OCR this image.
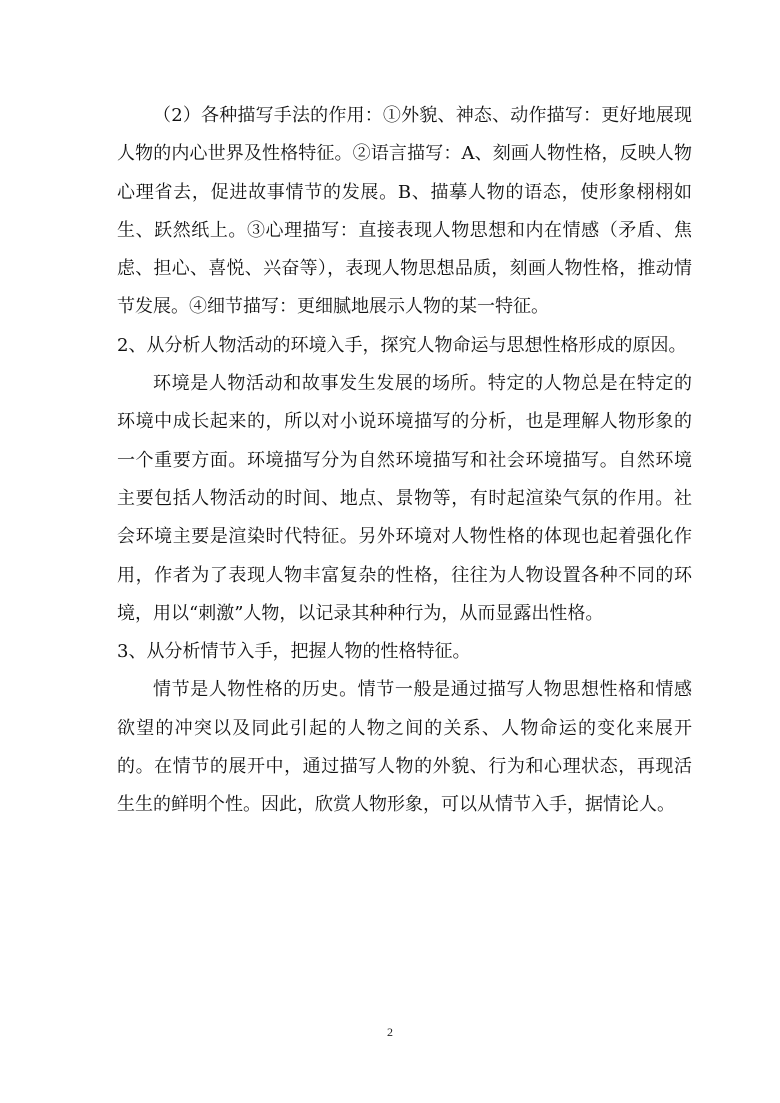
（2）各种描写手法的作用：①外貌、神态、动作描写：更好地展现人物的内心世界及性格特征。②语言描写：A、刻画人物性格，反映人物心理省去，促进故事情节的发展。B、描摹人物的语态，使形象栩栩如生、跃然纸上。③心理描写：直接表现人物思想和内在情感（矛盾、焦虑、担心、喜悦、兴奋等），表现人物思想品质，刻画人物性格，推动情节发展。④细节描写：更细腻地展示人物的某一特征。

2、从分析人物活动的环境入手，探究人物命运与思想性格形成的原因。

环境是人物活动和故事发生发展的场所。特定的人物总是在特定的环境中成长起来的，所以对小说环境描写的分析，也是理解人物形象的一个重要方面。环境描写分为自然环境描写和社会环境描写。自然环境主要包括人物活动的时间、地点、景物等，有时起渲染气氛的作用。社会环境主要是渲染时代特征。另外环境对人物性格的体现也起着强化作用，作者为了表现人物丰富复杂的性格，往往为人物设置各种不同的环境，用以“刺激”人物，以记录其种种行为，从而显露出性格。

3、从分析情节入手，把握人物的性格特征。

情节是人物性格的历史。情节一般是通过描写人物思想性格和情感欲望的冲突以及同此引起的人物之间的关系、人物命运的变化来展开的。在情节的展开中，通过描写人物的外貌、行为和心理状态，再现活生生的鲜明个性。因此，欣赏人物形象，可以从情节入手，据情论人。

2
